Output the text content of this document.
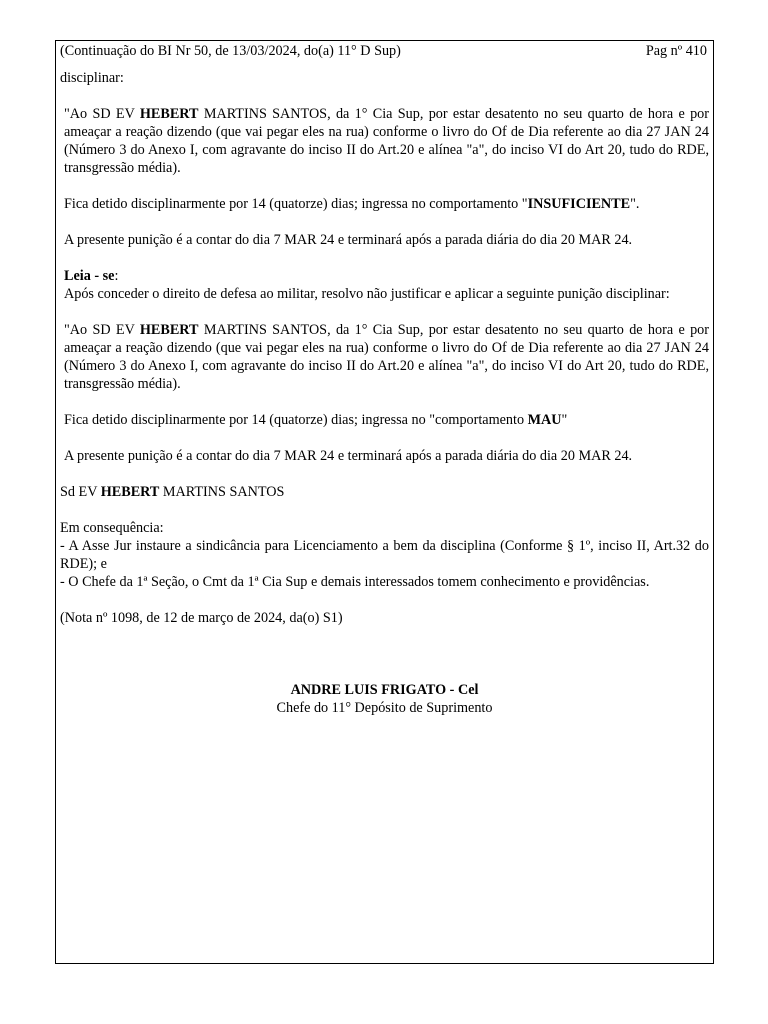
(Continuação do BI Nr 50, de 13/03/2024, do(a) 11° D Sup)	Pag nº 410

disciplinar:

"Ao SD EV HEBERT MARTINS SANTOS, da 1° Cia Sup, por estar desatento no seu quarto de hora e por ameaçar a reação dizendo (que vai pegar eles na rua) conforme o livro do Of de Dia referente ao dia 27 JAN 24 (Número 3 do Anexo I, com agravante do inciso II do Art.20 e alínea "a", do inciso VI do Art 20, tudo do RDE, transgressão média).

Fica detido disciplinarmente por 14 (quatorze) dias; ingressa no comportamento "INSUFICIENTE".

A presente punição é a contar do dia 7 MAR 24 e terminará após a parada diária do dia 20 MAR 24.

Leia - se:

Após conceder o direito de defesa ao militar, resolvo não justificar e aplicar a seguinte punição disciplinar:

"Ao SD EV HEBERT MARTINS SANTOS, da 1° Cia Sup, por estar desatento no seu quarto de hora e por ameaçar a reação dizendo (que vai pegar eles na rua) conforme o livro do Of de Dia referente ao dia 27 JAN 24 (Número 3 do Anexo I, com agravante do inciso II do Art.20 e alínea "a", do inciso VI do Art 20, tudo do RDE, transgressão média).

Fica detido disciplinarmente por 14 (quatorze) dias; ingressa no "comportamento MAU"

A presente punição é a contar do dia 7 MAR 24 e terminará após a parada diária do dia 20 MAR 24.

Sd EV HEBERT MARTINS SANTOS

Em consequência:

- A Asse Jur instaure a sindicância para Licenciamento a bem da disciplina (Conforme § 1º, inciso II, Art.32 do RDE); e

- O Chefe da 1ª Seção, o Cmt da 1ª Cia Sup e demais interessados tomem conhecimento e providências.

(Nota nº 1098, de 12 de março de 2024, da(o) S1)

ANDRE LUIS FRIGATO - Cel

Chefe do 11° Depósito de Suprimento
